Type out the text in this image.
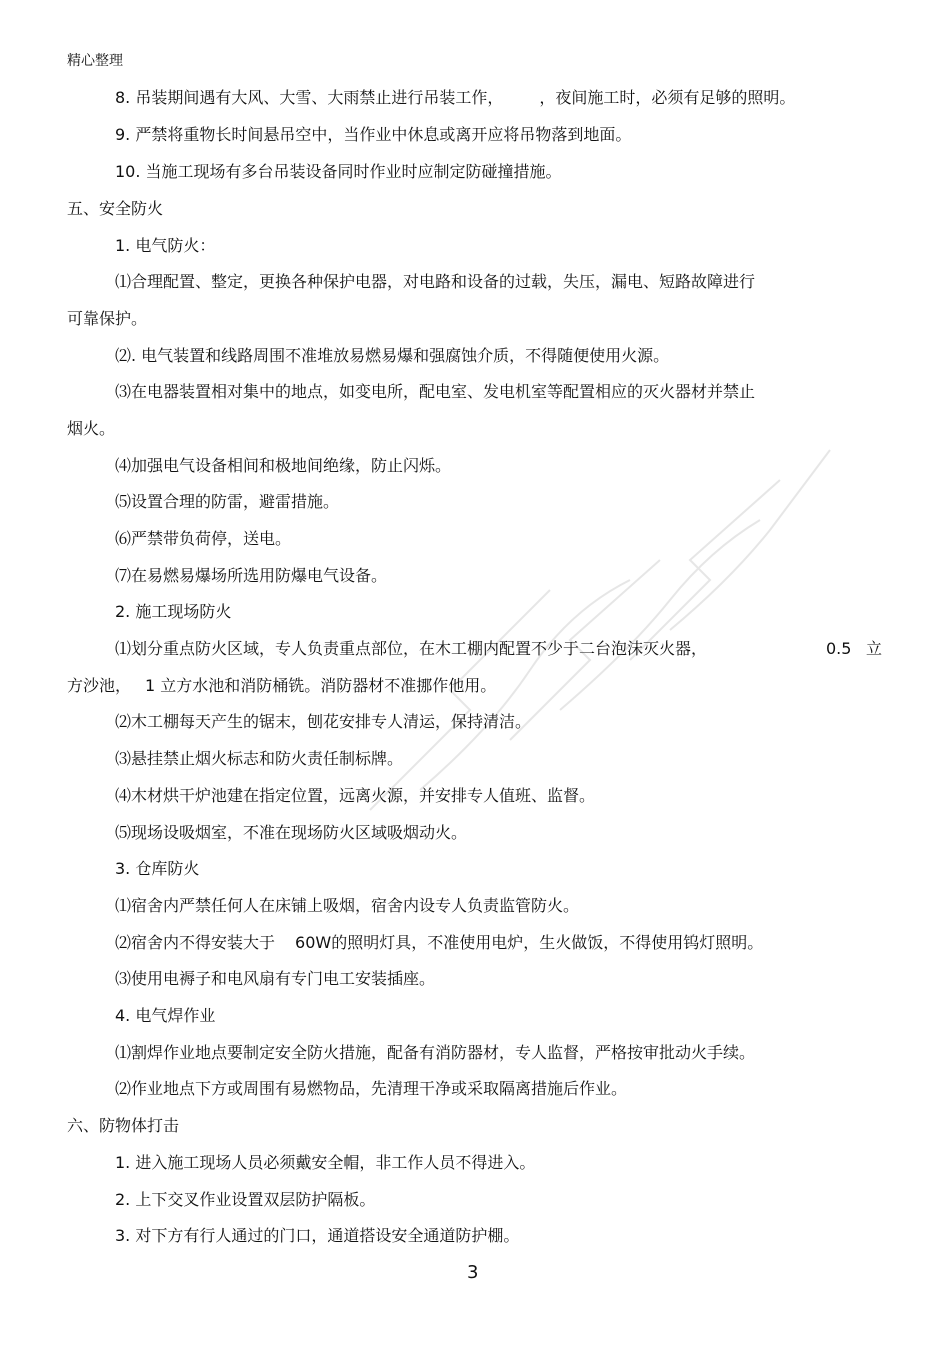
精心整理
8. 吊装期间遇有大风、大雪、大雨禁止进行吊装工作， ，夜间施工时，必须有足够的照明。
9. 严禁将重物长时间悬吊空中，当作业中休息或离开应将吊物落到地面。
10. 当施工现场有多台吊装设备同时作业时应制定防碰撞措施。
五、安全防火
1. 电气防火：
⑴合理配置、整定，更换各种保护电器，对电路和设备的过载，失压，漏电、短路故障进行
可靠保护。
⑵. 电气装置和线路周围不准堆放易燃易爆和强腐蚀介质，不得随便使用火源。
⑶在电器装置相对集中的地点，如变电所，配电室、发电机室等配置相应的灭火器材并禁止
烟火。
⑷加强电气设备相间和极地间绝缘，防止闪烁。
⑸设置合理的防雷，避雷措施。
⑹严禁带负荷停，送电。
⑺在易燃易爆场所选用防爆电气设备。
2. 施工现场防火
⑴划分重点防火区域，专人负责重点部位，在木工棚内配置不少于二台泡沫灭火器，	0.5 立
方沙池， 1 立方水池和消防桶铣。消防器材不准挪作他用。
⑵木工棚每天产生的锯末，刨花安排专人清运，保持清洁。
⑶悬挂禁止烟火标志和防火责任制标牌。
⑷木材烘干炉池建在指定位置，远离火源，并安排专人值班、监督。
⑸现场设吸烟室，不准在现场防火区域吸烟动火。
3. 仓库防火
⑴宿舍内严禁任何人在床铺上吸烟，宿舍内设专人负责监管防火。
⑵宿舍内不得安装大于 60W的照明灯具，不准使用电炉，生火做饭，不得使用钨灯照明。
⑶使用电褥子和电风扇有专门电工安装插座。
4. 电气焊作业
⑴割焊作业地点要制定安全防火措施，配备有消防器材，专人监督，严格按审批动火手续。
⑵作业地点下方或周围有易燃物品，先清理干净或采取隔离措施后作业。
六、防物体打击
1. 进入施工现场人员必须戴安全帽，非工作人员不得进入。
2. 上下交叉作业设置双层防护隔板。
3. 对下方有行人通过的门口，通道搭设安全通道防护棚。
3
